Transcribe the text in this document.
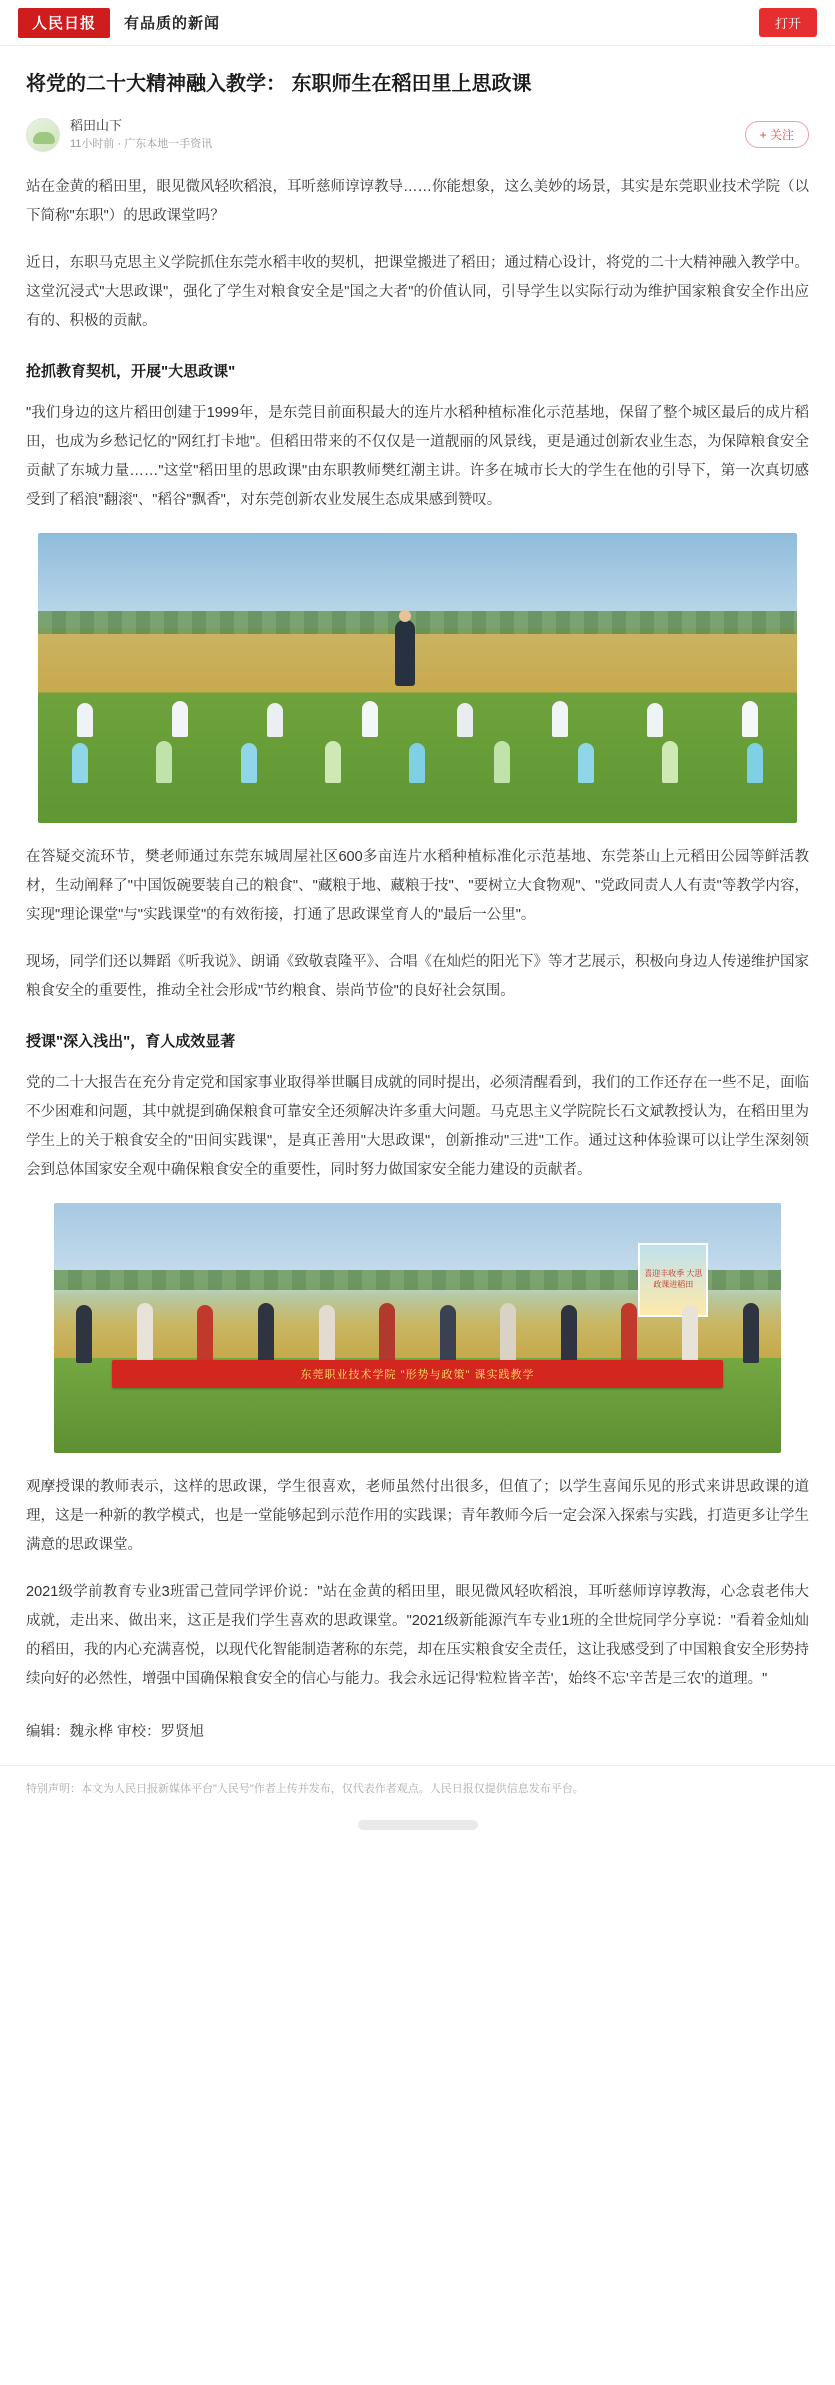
人民日报	有品质的新闻	打开
将党的二十大精神融入教学： 东职师生在稻田里上思政课
稻田山下
11小时前 · 广东本地一手资讯
+ 关注

站在金黄的稻田里，眼见微风轻吹稻浪，耳听慈师谆谆教导……你能想象，这么美妙的场景，其实是东莞职业技术学院（以下简称"东职"）的思政课堂吗？

近日，东职马克思主义学院抓住东莞水稻丰收的契机，把课堂搬进了稻田；通过精心设计，将党的二十大精神融入教学中。这堂沉浸式"大思政课"，强化了学生对粮食安全是"国之大者"的价值认同，引导学生以实际行动为维护国家粮食安全作出应有的、积极的贡献。

抢抓教育契机，开展"大思政课"

"我们身边的这片稻田创建于1999年，是东莞目前面积最大的连片水稻种植标准化示范基地，保留了整个城区最后的成片稻田，也成为乡愁记忆的"网红打卡地"。但稻田带来的不仅仅是一道靓丽的风景线，更是通过创新农业生态，为保障粮食安全贡献了东城力量……"这堂"稻田里的思政课"由东职教师樊红潮主讲。许多在城市长大的学生在他的引导下，第一次真切感受到了稻浪"翻滚"、"稻谷"飘香"，对东莞创新农业发展生态成果感到赞叹。

在答疑交流环节，樊老师通过东莞东城周屋社区600多亩连片水稻种植标准化示范基地、东莞茶山上元稻田公园等鲜活教材，生动阐释了"中国饭碗要装自己的粮食"、"藏粮于地、藏粮于技"、"要树立大食物观"、"党政同责人人有责"等教学内容，实现"理论课堂"与"实践课堂"的有效衔接，打通了思政课堂育人的"最后一公里"。

现场，同学们还以舞蹈《听我说》、朗诵《致敬袁隆平》、合唱《在灿烂的阳光下》等才艺展示，积极向身边人传递维护国家粮食安全的重要性，推动全社会形成"节约粮食、崇尚节俭"的良好社会氛围。

授课"深入浅出"，育人成效显著

党的二十大报告在充分肯定党和国家事业取得举世瞩目成就的同时提出，必须清醒看到，我们的工作还存在一些不足，面临不少困难和问题，其中就提到确保粮食可靠安全还须解决许多重大问题。马克思主义学院院长石文斌教授认为，在稻田里为学生上的关于粮食安全的"田间实践课"，是真正善用"大思政课"，创新推动"三进"工作。通过这种体验课可以让学生深刻领会到总体国家安全观中确保粮食安全的重要性，同时努力做国家安全能力建设的贡献者。

喜迎丰收季 大思政课进稻田
东莞职业技术学院 "形势与政策" 课实践教学

观摩授课的教师表示，这样的思政课，学生很喜欢，老师虽然付出很多，但值了；以学生喜闻乐见的形式来讲思政课的道理，这是一种新的教学模式，也是一堂能够起到示范作用的实践课；青年教师今后一定会深入探索与实践，打造更多让学生满意的思政课堂。

2021级学前教育专业3班雷己萱同学评价说："站在金黄的稻田里，眼见微风轻吹稻浪，耳听慈师谆谆教海，心念袁老伟大成就，走出来、做出来，这正是我们学生喜欢的思政课堂。"2021级新能源汽车专业1班的全世烷同学分享说："看着金灿灿的稻田，我的内心充满喜悦，以现代化智能制造著称的东莞，却在压实粮食安全责任，这让我感受到了中国粮食安全形势持续向好的必然性，增强中国确保粮食安全的信心与能力。我会永远记得'粒粒皆辛苦'，始终不忘'辛苦是三农'的道理。"

编辑：魏永桦 审校：罗贤旭
特别声明：本文为人民日报新媒体平台"人民号"作者上传并发布，仅代表作者观点。人民日报仅提供信息发布平台。
